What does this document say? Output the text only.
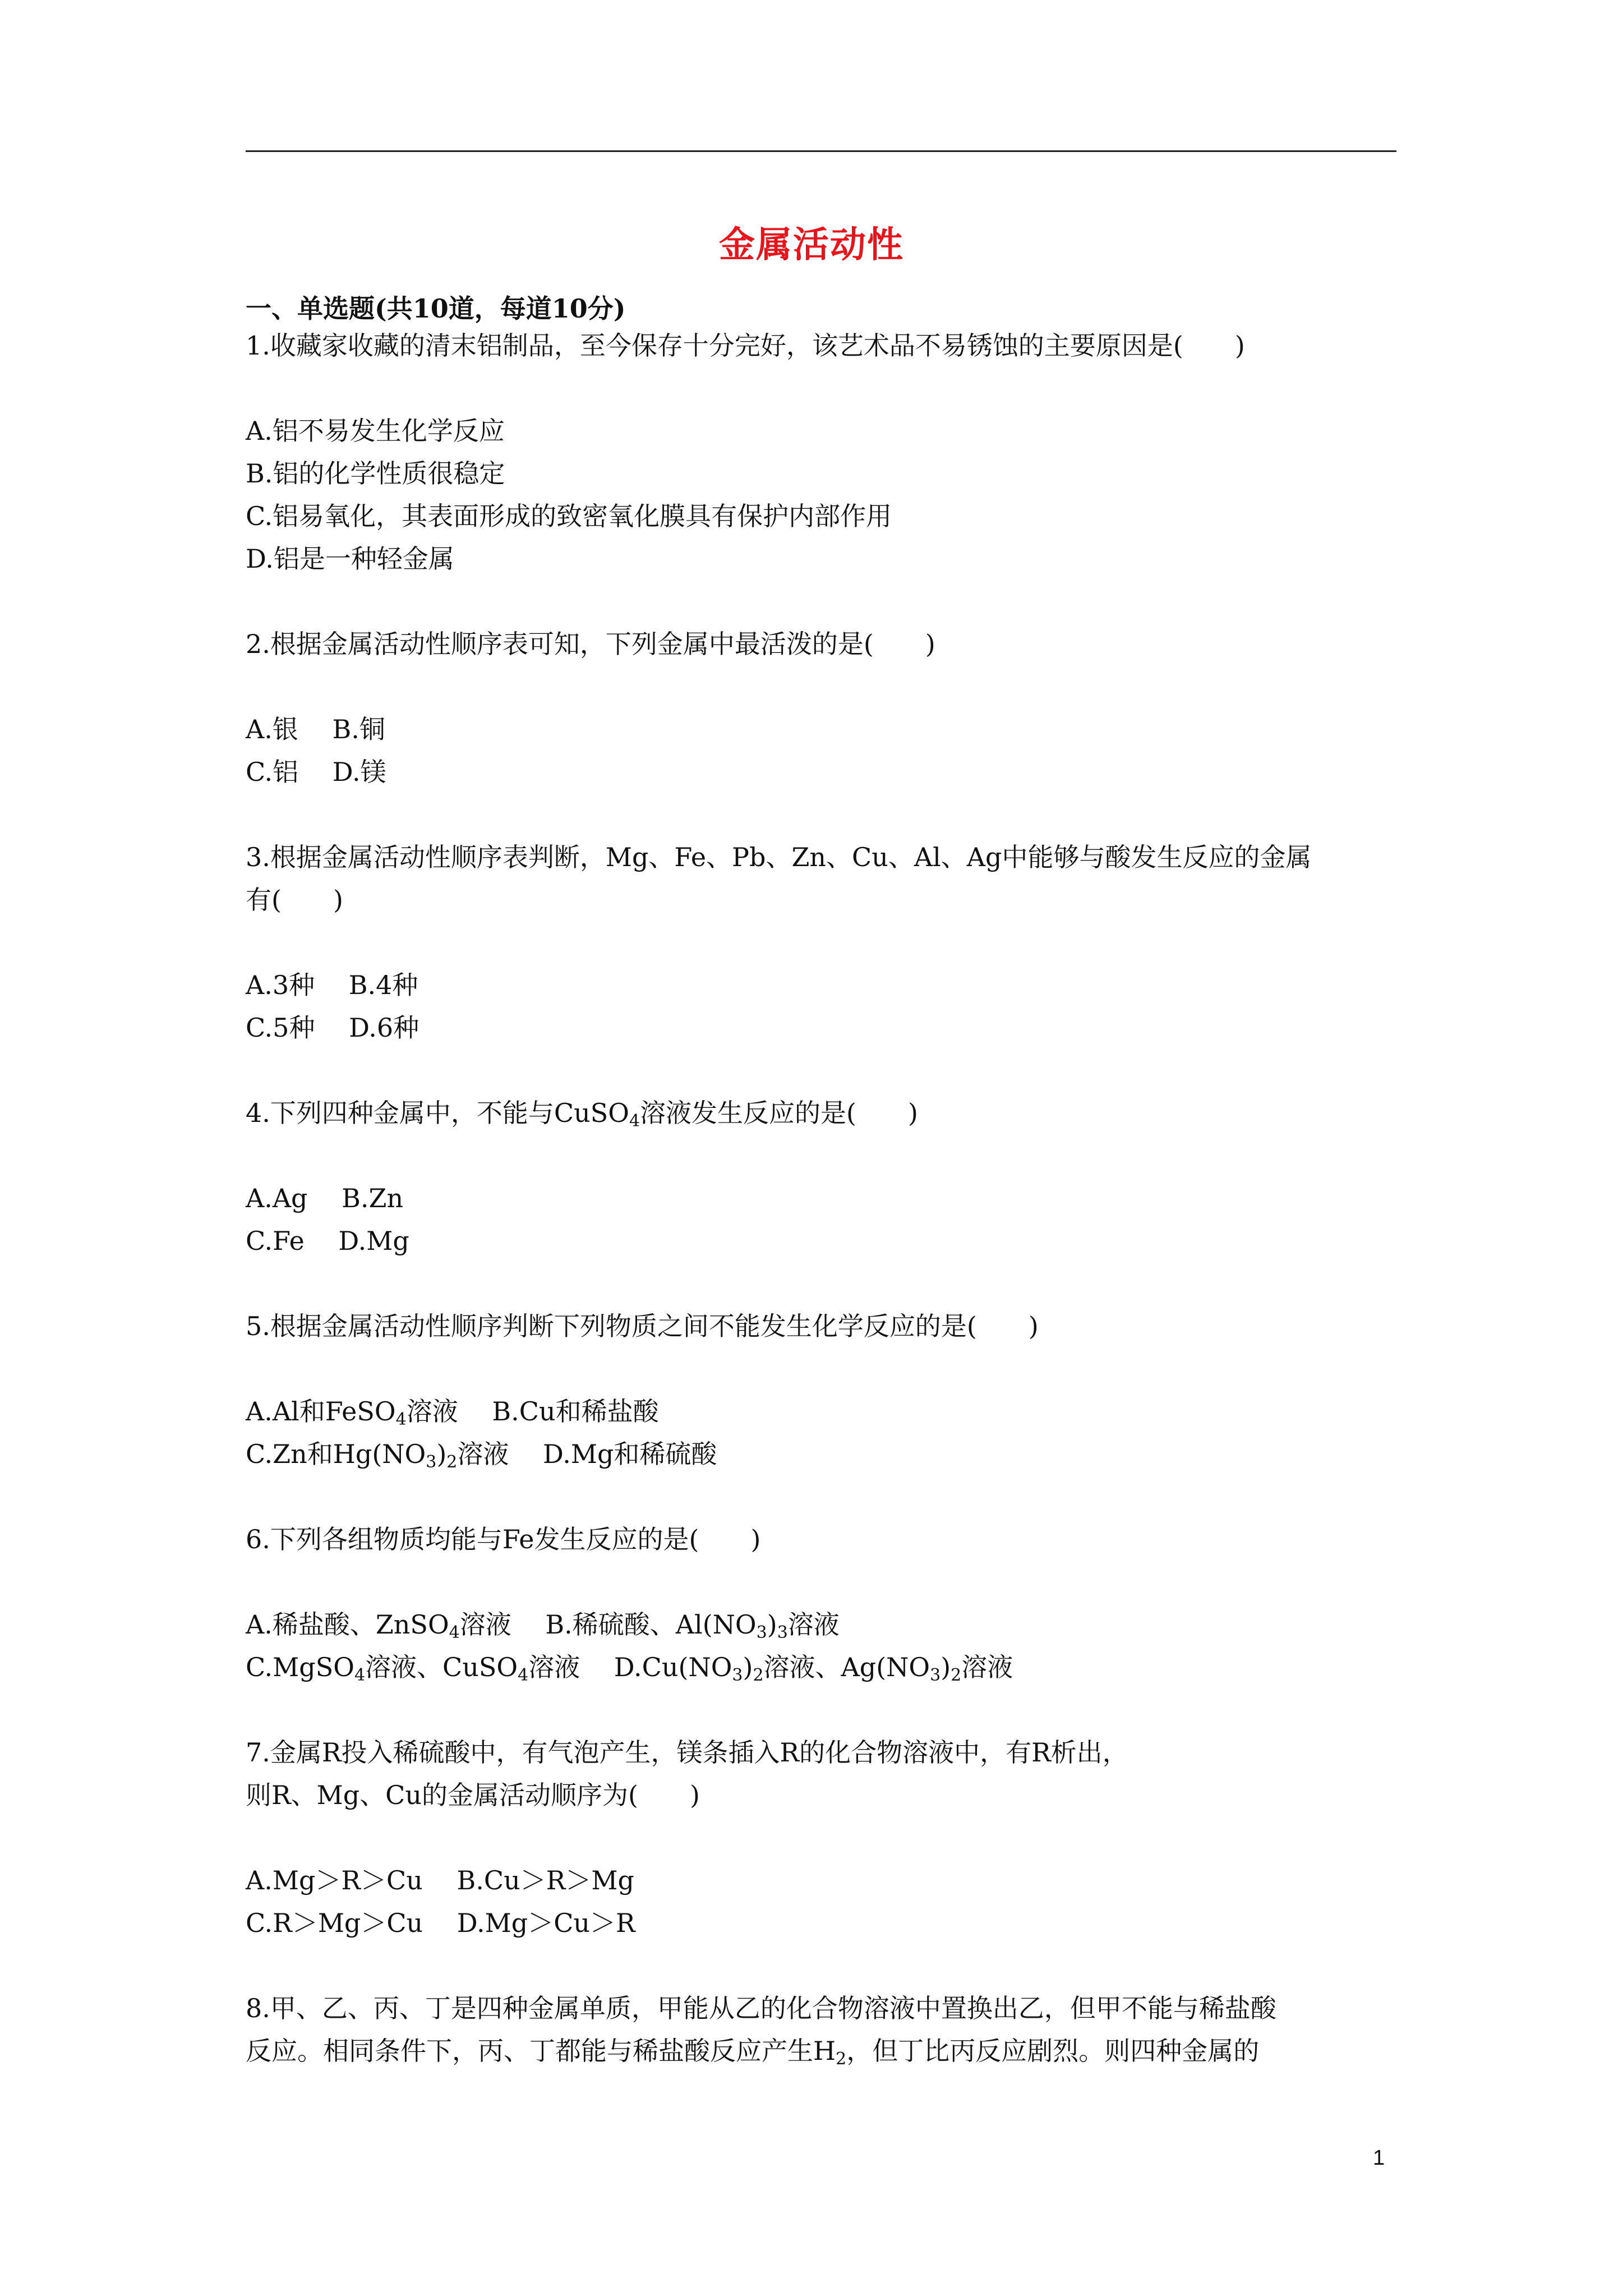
金属活动性
一、单选题(共10道，每道10分)
1.收藏家收藏的清末铝制品，至今保存十分完好，该艺术品不易锈蚀的主要原因是(　　)
A.铝不易发生化学反应
B.铝的化学性质很稳定
C.铝易氧化，其表面形成的致密氧化膜具有保护内部作用
D.铝是一种轻金属
2.根据金属活动性顺序表可知，下列金属中最活泼的是(　　)
A.银　 B.铜
C.铝　 D.镁
3.根据金属活动性顺序表判断，Mg、Fe、Pb、Zn、Cu、Al、Ag中能够与酸发生反应的金属
有(　　)
A.3种　 B.4种
C.5种　 D.6种
4.下列四种金属中，不能与CuSO$_4$溶液发生反应的是(　　)
A.Ag　 B.Zn
C.Fe　 D.Mg
5.根据金属活动性顺序判断下列物质之间不能发生化学反应的是(　　)
A.Al和FeSO$_4$溶液　 B.Cu和稀盐酸
C.Zn和$Hg(NO_3)_2$溶液　 D.Mg和稀硫酸
6.下列各组物质均能与Fe发生反应的是(　　)
A.稀盐酸、ZnSO$_4$溶液　 B.稀硫酸、$Al(NO_3)_3$溶液
C.MgSO$_4$溶液、CuSO$_4$溶液　 $D.Cu(NO_3)_2$溶液、$Ag(NO_3)_2$溶液
7.金属R投入稀硫酸中，有气泡产生，镁条插入R的化合物溶液中，有R析出，
则R、Mg、Cu的金属活动顺序为(　　)
A.Mg＞R＞Cu　 B.Cu＞R＞Mg
C.R＞Mg＞Cu　 D.Mg＞Cu＞R
8.甲、乙、丙、丁是四种金属单质，甲能从乙的化合物溶液中置换出乙，但甲不能与稀盐酸
反应。相同条件下，丙、丁都能与稀盐酸反应产生$H_2$，但丁比丙反应剧烈。则四种金属的
1
